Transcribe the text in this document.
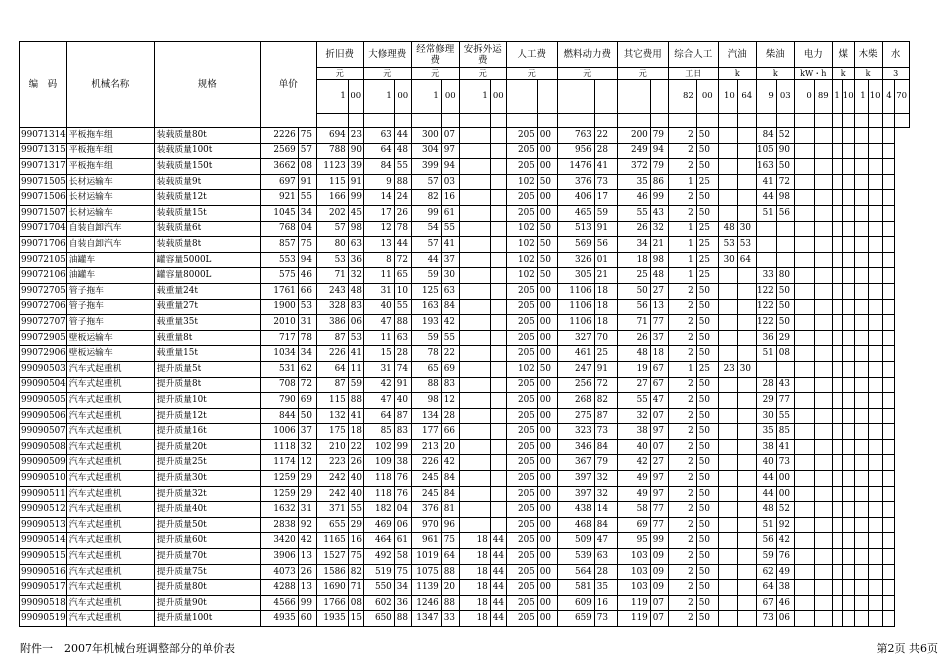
编　码	机械名称	规格	单价		折旧费		大修理费		经常修理费		安拆外运费		人工费		燃料动力费		其它费用		综合人工		汽油		柴油		电力		煤		木柴		水	
					元		元		元		元		元		元		元		工日		k		k		kW・h		k		k		3	
					1	00	1	00	1	00	1	00							82	00	10	64	9	03	0	89	1	10	1	10	4	70

99071314	平板拖车组	装载质量80t	2226	75	694	23	63	44	300	07			205	00	763	22	200	79	2	50			84	52								
99071315	平板拖车组	装载质量100t	2569	57	788	90	64	48	304	97			205	00	956	28	249	94	2	50			105	90								
99071317	平板拖车组	装载质量150t	3662	08	1123	39	84	55	399	94			205	00	1476	41	372	79	2	50			163	50								
99071505	长材运输车	装载质量9t	697	91	115	91	9	88	57	03			102	50	376	73	35	86	1	25			41	72								
99071506	长材运输车	装载质量12t	921	55	166	99	14	24	82	16			205	00	406	17	46	99	2	50			44	98								
99071507	长材运输车	装载质量15t	1045	34	202	45	17	26	99	61			205	00	465	59	55	43	2	50			51	56								
99071704	自装自卸汽车	装载质量6t	768	04	57	98	12	78	54	55			102	50	513	91	26	32	1	25	48	30										
99071706	自装自卸汽车	装载质量8t	857	75	80	63	13	44	57	41			102	50	569	56	34	21	1	25	53	53										
99072105	油罐车	罐容量5000L	553	94	53	36	8	72	44	37			102	50	326	01	18	98	1	25	30	64										
99072106	油罐车	罐容量8000L	575	46	71	32	11	65	59	30			102	50	305	21	25	48	1	25			33	80								
99072705	管子拖车	载重量24t	1761	66	243	48	31	10	125	63			205	00	1106	18	50	27	2	50			122	50								
99072706	管子拖车	载重量27t	1900	53	328	83	40	55	163	84			205	00	1106	18	56	13	2	50			122	50								
99072707	管子拖车	载重量35t	2010	31	386	06	47	88	193	42			205	00	1106	18	71	77	2	50			122	50								
99072905	壁板运输车	载重量8t	717	78	87	53	11	63	59	55			205	00	327	70	26	37	2	50			36	29								
99072906	壁板运输车	载重量15t	1034	34	226	41	15	28	78	22			205	00	461	25	48	18	2	50			51	08								
99090503	汽车式起重机	提升质量5t	531	62	64	11	31	74	65	69			102	50	247	91	19	67	1	25	23	30										
99090504	汽车式起重机	提升质量8t	708	72	87	59	42	91	88	83			205	00	256	72	27	67	2	50			28	43								
99090505	汽车式起重机	提升质量10t	790	69	115	88	47	40	98	12			205	00	268	82	55	47	2	50			29	77								
99090506	汽车式起重机	提升质量12t	844	50	132	41	64	87	134	28			205	00	275	87	32	07	2	50			30	55								
99090507	汽车式起重机	提升质量16t	1006	37	175	18	85	83	177	66			205	00	323	73	38	97	2	50			35	85								
99090508	汽车式起重机	提升质量20t	1118	32	210	22	102	99	213	20			205	00	346	84	40	07	2	50			38	41								
99090509	汽车式起重机	提升质量25t	1174	12	223	26	109	38	226	42			205	00	367	79	42	27	2	50			40	73								
99090510	汽车式起重机	提升质量30t	1259	29	242	40	118	76	245	84			205	00	397	32	49	97	2	50			44	00								
99090511	汽车式起重机	提升质量32t	1259	29	242	40	118	76	245	84			205	00	397	32	49	97	2	50			44	00								
99090512	汽车式起重机	提升质量40t	1632	31	371	55	182	04	376	81			205	00	438	14	58	77	2	50			48	52								
99090513	汽车式起重机	提升质量50t	2838	92	655	29	469	06	970	96			205	00	468	84	69	77	2	50			51	92								
99090514	汽车式起重机	提升质量60t	3420	42	1165	16	464	61	961	75	18	44	205	00	509	47	95	99	2	50			56	42								
99090515	汽车式起重机	提升质量70t	3906	13	1527	75	492	58	1019	64	18	44	205	00	539	63	103	09	2	50			59	76								
99090516	汽车式起重机	提升质量75t	4073	26	1586	82	519	75	1075	88	18	44	205	00	564	28	103	09	2	50			62	49								
99090517	汽车式起重机	提升质量80t	4288	13	1690	71	550	34	1139	20	18	44	205	00	581	35	103	09	2	50			64	38								
99090518	汽车式起重机	提升质量90t	4566	99	1766	08	602	36	1246	88	18	44	205	00	609	16	119	07	2	50			67	46								
99090519	汽车式起重机	提升质量100t	4935	60	1935	15	650	88	1347	33	18	44	205	00	659	73	119	07	2	50			73	06								
附件一　2007年机械台班调整部分的单价表	第2页 共6页
